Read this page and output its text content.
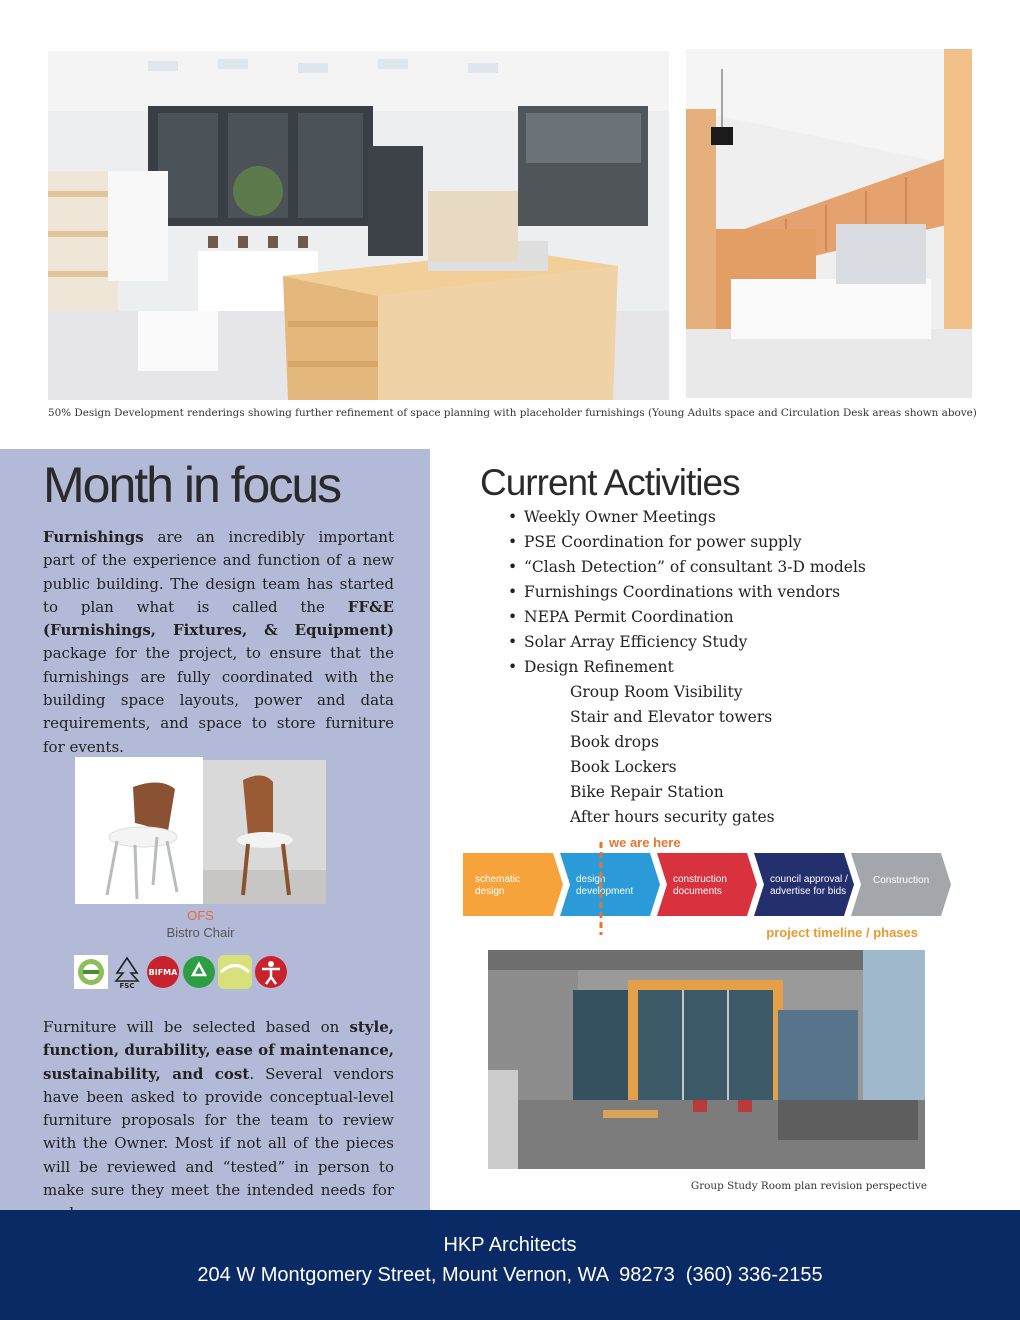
50% Design Development renderings showing further refinement of space planning with placeholder furnishings (Young Adults space and Circulation Desk areas shown above)
Month in focus

Furnishings are an incredibly important part of the experience and function of a new public building. The design team has started to plan what is called the FF&E (Furnishings, Fixtures, & Equipment) package for the project, to ensure that the furnishings are fully coordinated with the building space layouts, power and data requirements, and space to store furniture for events.

OFS
Bistro Chair
FSC
BIFMA

Furniture will be selected based on style, function, durability, ease of maintenance, sustainability, and cost. Several vendors have been asked to provide conceptual-level furniture proposals for the team to review with the Owner. Most if not all of the pieces will be reviewed and “tested” in person to make sure they meet the intended needs for

Current Activities
• Weekly Owner Meetings
• PSE Coordination for power supply
• “Clash Detection” of consultant 3-D models
• Furnishings Coordinations with vendors
• NEPA Permit Coordination
• Solar Array Efficiency Study
• Design Refinement
Group Room Visibility
Stair and Elevator towers
Book drops
Book Lockers
Bike Repair Station
After hours security gates
schematic
design
design
development
construction
documents
council approval /
advertise for bids
Construction
we are here
project timeline / phases
Group Study Room plan revision perspective
HKP Architects
204 W Montgomery Street, Mount Vernon, WA  98273  (360) 336-2155
